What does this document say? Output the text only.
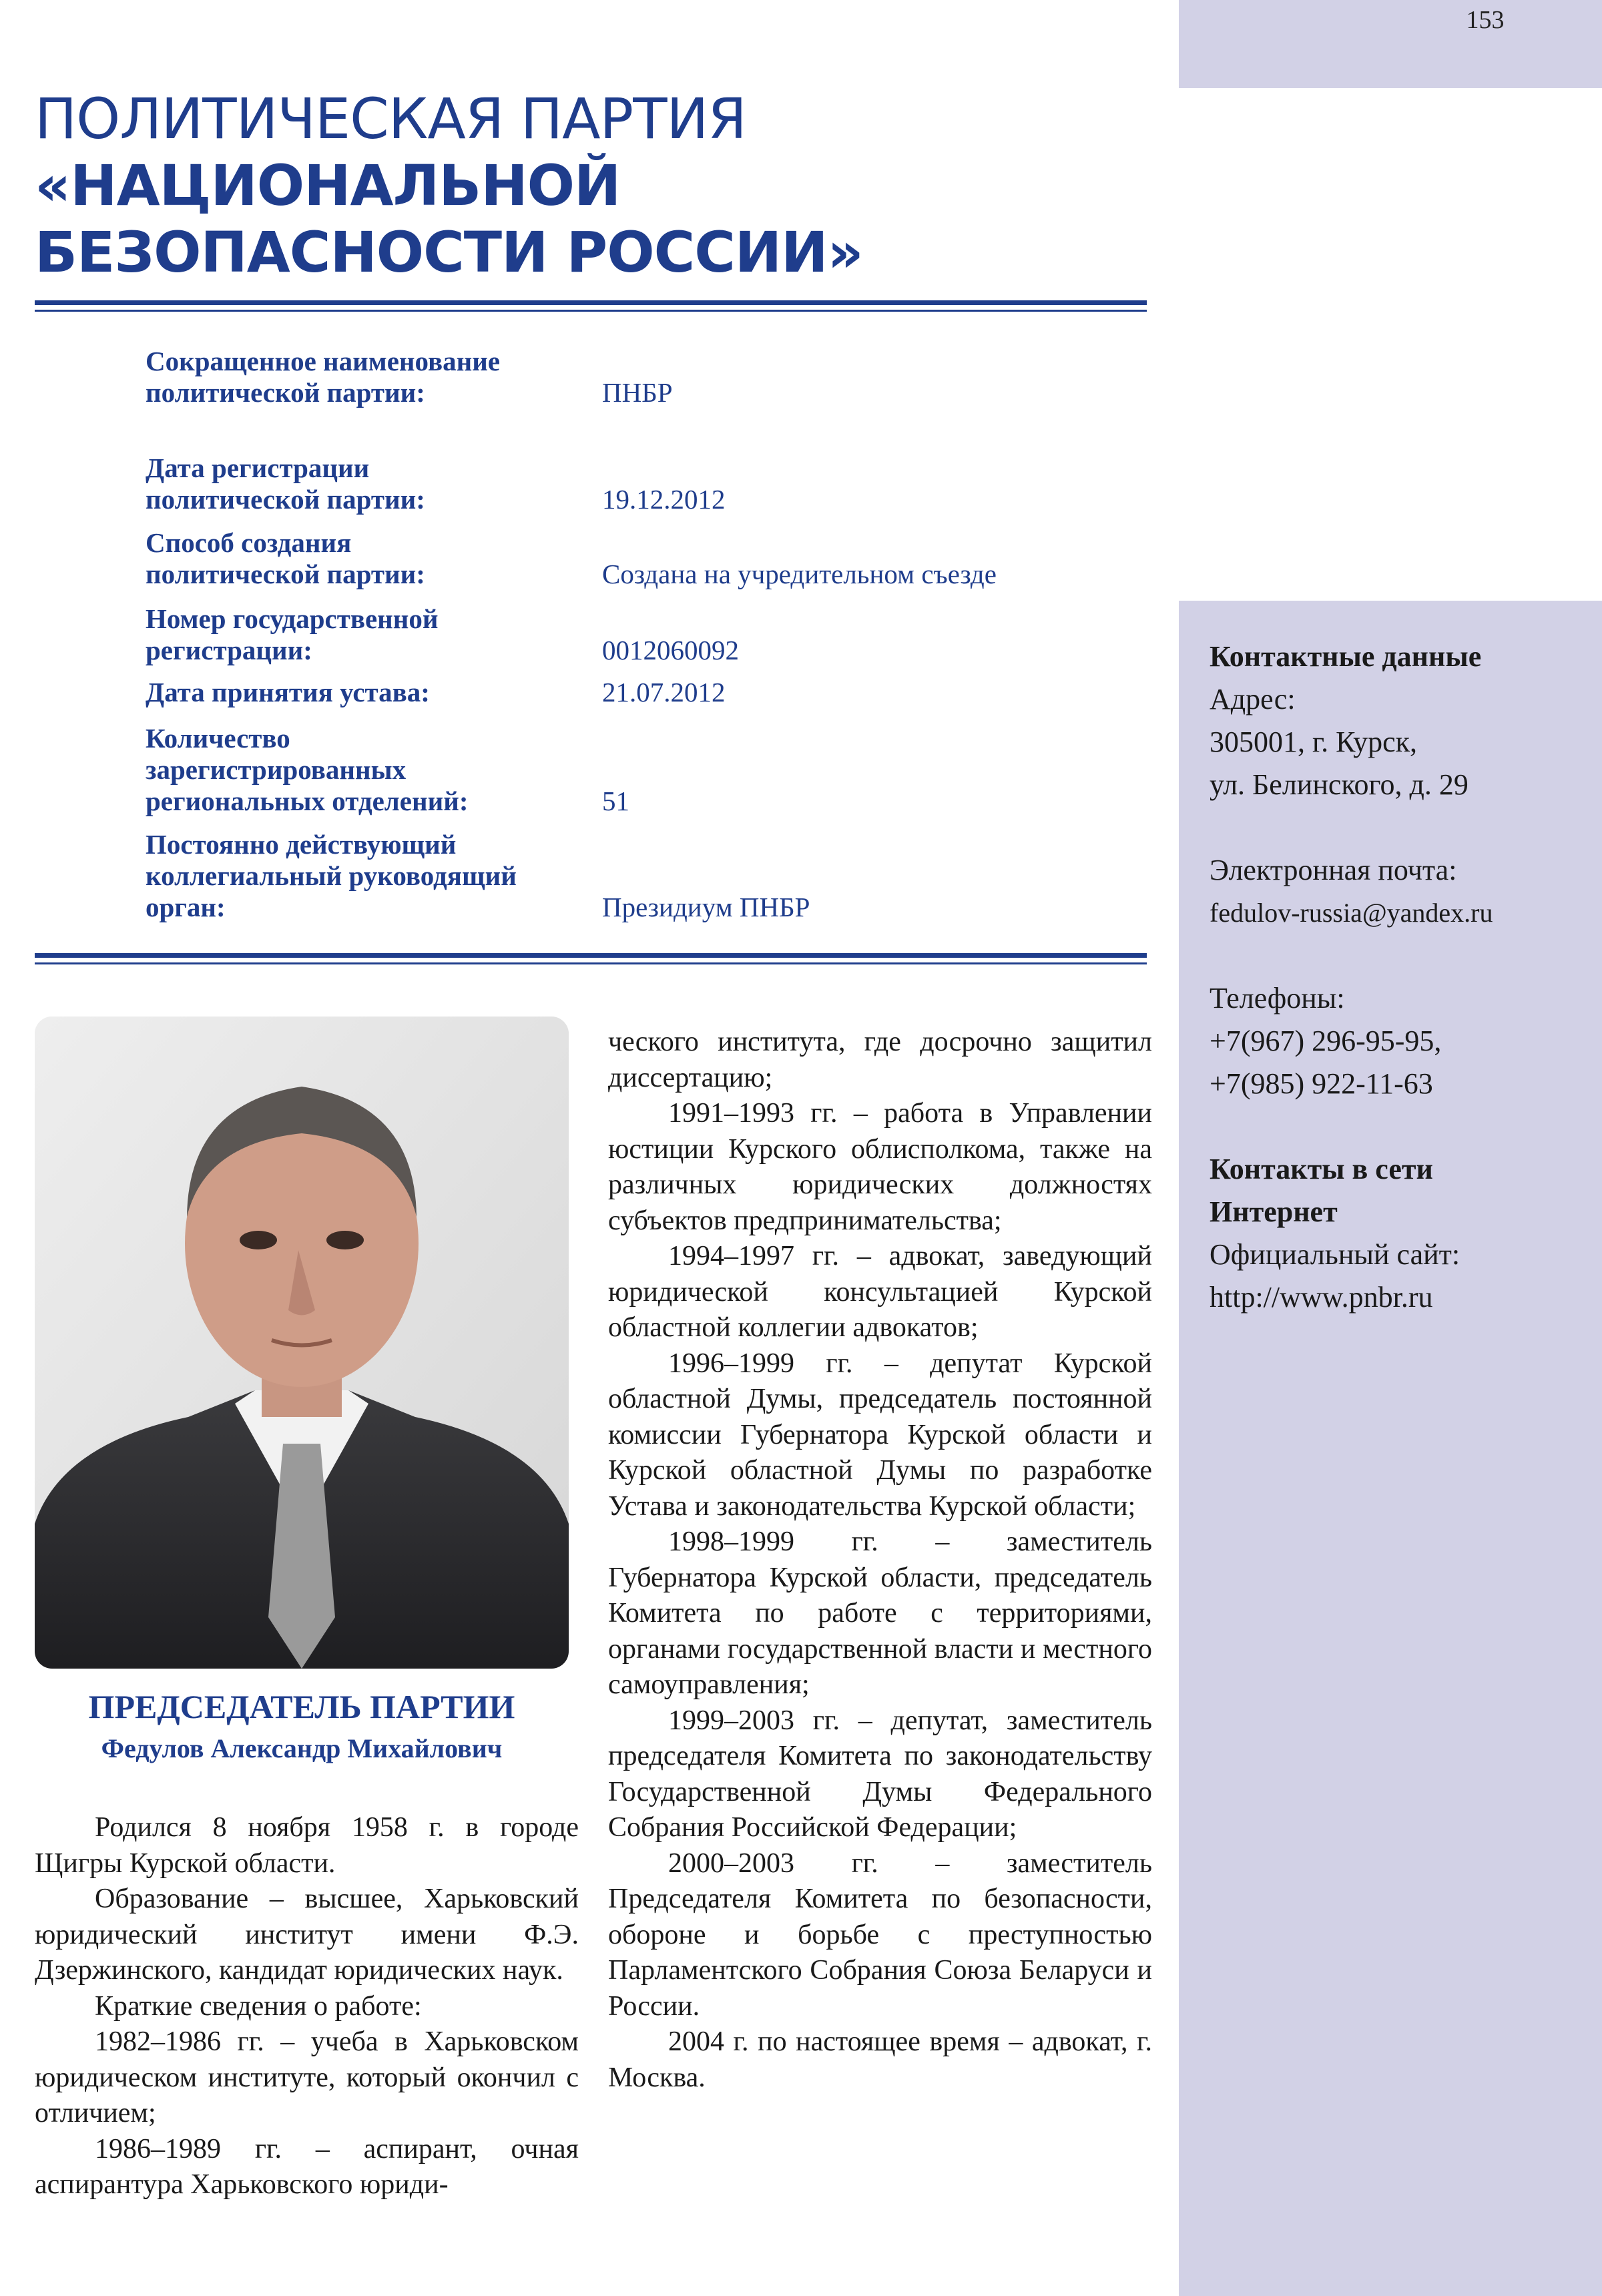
153
ПОЛИТИЧЕСКАЯ ПАРТИЯ
«НАЦИОНАЛЬНОЙ
БЕЗОПАСНОСТИ РОССИИ»
Сокращенное наименование
политической партии:	ПНБР
Дата регистрации
политической партии:	19.12.2012
Способ создания
политической партии:	Создана на учредительном съезде
Номер государственной
регистрации:	0012060092
Дата принятия устава:	21.07.2012
Количество
зарегистрированных
региональных отделений:	51
Постоянно действующий
коллегиальный руководящий
орган:	Президиум ПНБР
ПРЕДСЕДАТЕЛЬ ПАРТИИ
Федулов Александр Михайлович

Родился 8 ноября 1958 г. в городе Щигры Курской области.

Образование – высшее, Харьковский юридический институт имени Ф.Э. Дзержинского, кандидат юридических наук.

Краткие сведения о работе:

1982–1986 гг. – учеба в Харьковском юридическом институте, который окончил с отличием;

1986–1989 гг. – аспирант, очная аспирантура Харьковского юриди-

ческого института, где досрочно защитил диссертацию;

1991–1993 гг. – работа в Управлении юстиции Курского облисполкома, также на различных юридических должностях субъектов предпринимательства;

1994–1997 гг. – адвокат, заведующий юридической консультацией Курской областной коллегии адвокатов;

1996–1999 гг. – депутат Курской областной Думы, председатель постоянной комиссии Губернатора Курской области и Курской областной Думы по разработке Устава и законодательства Курской области;

1998–1999 гг. – заместитель Губернатора Курской области, председатель Комитета по работе с территориями, органами государственной власти и местного самоуправления;

1999–2003 гг. – депутат, заместитель председателя Комитета по законодательству Государственной Думы Федерального Собрания Российской Федерации;

2000–2003 гг. – заместитель Председателя Комитета по безопасности, обороне и борьбе с преступностью Парламентского Собрания Союза Беларуси и России.

2004 г. по настоящее время – адвокат, г. Москва.

Контактные данные
Адрес:
305001, г. Курск,
ул. Белинского, д. 29
Электронная почта:
fedulov-russia@yandex.ru
Телефоны:
+7(967) 296-95-95,
+7(985) 922-11-63
Контакты в сети
Интернет
Официальный сайт:
http://www.pnbr.ru
